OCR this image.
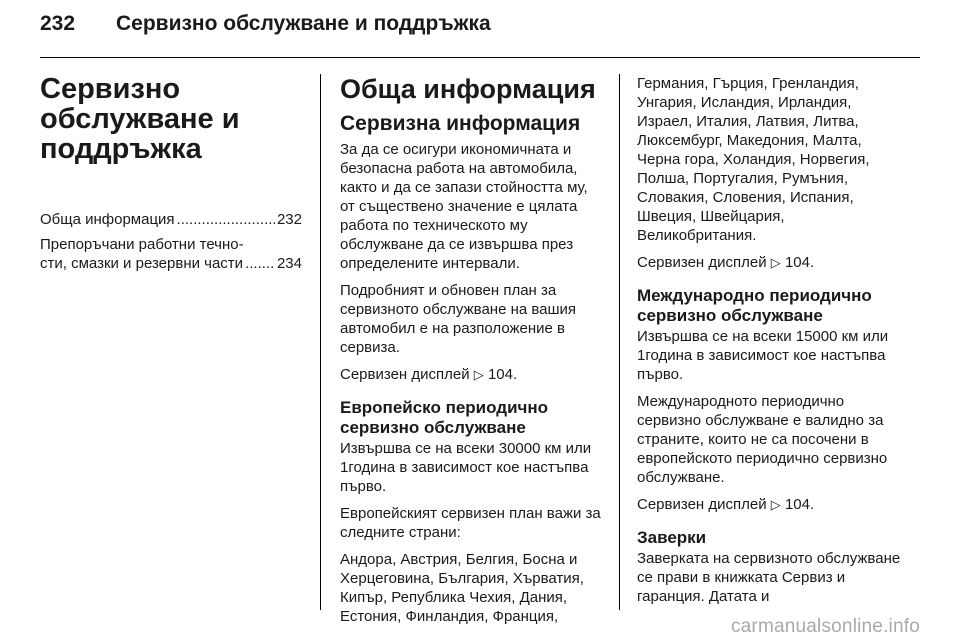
232 Сервизно обслужване и поддръжка
Сервизно
обслужване и
поддръжка
Обща информация .....	232
Препоръчани работни течно-
сти, смазки и резервни части ..... 234
Обща информация
Сервизна информация

За да се осигури икономичната и безопасна работа на автомобила, както и да се запази стойността му, от съществено значение е цялата работа по техническото му обслужване да се извършва през определените интервали.

Подробният и обновен план за сервизното обслужване на вашия автомобил е на разположение в сервиза.

Сервизен дисплей ▷ 104.

Европейско периодично
сервизно обслужване

Извършва се на всеки 30000 км или 1година в зависимост кое настъпва първо.

Европейският сервизен план важи за следните страни:

Андора, Австрия, Белгия, Босна и Херцеговина, България, Хърватия, Кипър, Република Чехия, Дания, Естония, Финландия, Франция,

Германия, Гърция, Гренландия, Унгария, Исландия, Ирландия, Израел, Италия, Латвия, Литва, Люксембург, Македония, Малта, Черна гора, Холандия, Норвегия, Полша, Португалия, Румъния, Словакия, Словения, Испания, Швеция, Швейцария, Великобритания.

Сервизен дисплей ▷ 104.

Международно периодично
сервизно обслужване

Извършва се на всеки 15000 км или 1година в зависимост кое настъпва първо.

Международното периодично сервизно обслужване е валидно за страните, които не са посочени в европейското периодично сервизно обслужване.

Сервизен дисплей ▷ 104.

Заверки

Заверката на сервизното обслужване се прави в книжката Сервиз и гаранция. Датата и

carmanualsonline.info
